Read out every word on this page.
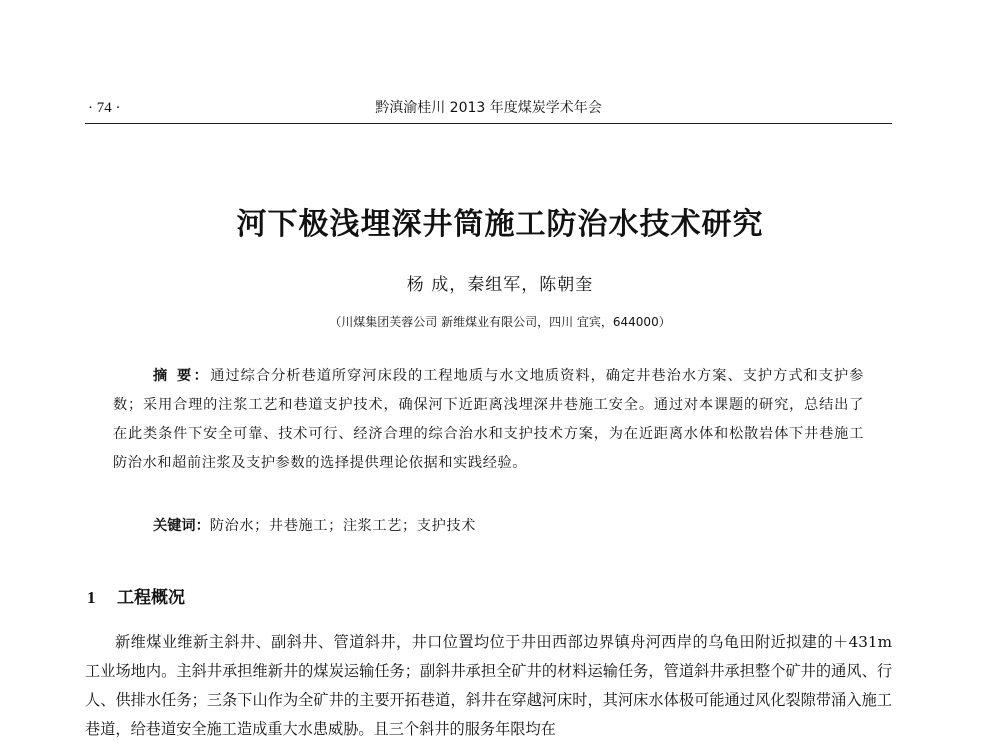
· 74 ·	黔滇渝桂川 2013 年度煤炭学术年会
河下极浅埋深井筒施工防治水技术研究
杨 成，秦组军，陈朝奎
（川煤集团芙蓉公司 新维煤业有限公司，四川 宜宾，644000）
摘 要：通过综合分析巷道所穿河床段的工程地质与水文地质资料，确定井巷治水方案、支护方式和支护参数；采用合理的注浆工艺和巷道支护技术，确保河下近距离浅埋深井巷施工安全。通过对本课题的研究，总结出了在此类条件下安全可靠、技术可行、经济合理的综合治水和支护技术方案，为在近距离水体和松散岩体下井巷施工防治水和超前注浆及支护参数的选择提供理论依据和实践经验。
关键词：防治水；井巷施工；注浆工艺；支护技术
1 工程概况
新维煤业维新主斜井、副斜井、管道斜井，井口位置均位于井田西部边界镇舟河西岸的乌龟田附近拟建的＋431m 工业场地内。主斜井承担维新井的煤炭运输任务；副斜井承担全矿井的材料运输任务，管道斜井承担整个矿井的通风、行人、供排水任务；三条下山作为全矿井的主要开拓巷道，斜井在穿越河床时，其河床水体极可能通过风化裂隙带涌入施工巷道，给巷道安全施工造成重大水患威胁。且三个斜井的服务年限均在
